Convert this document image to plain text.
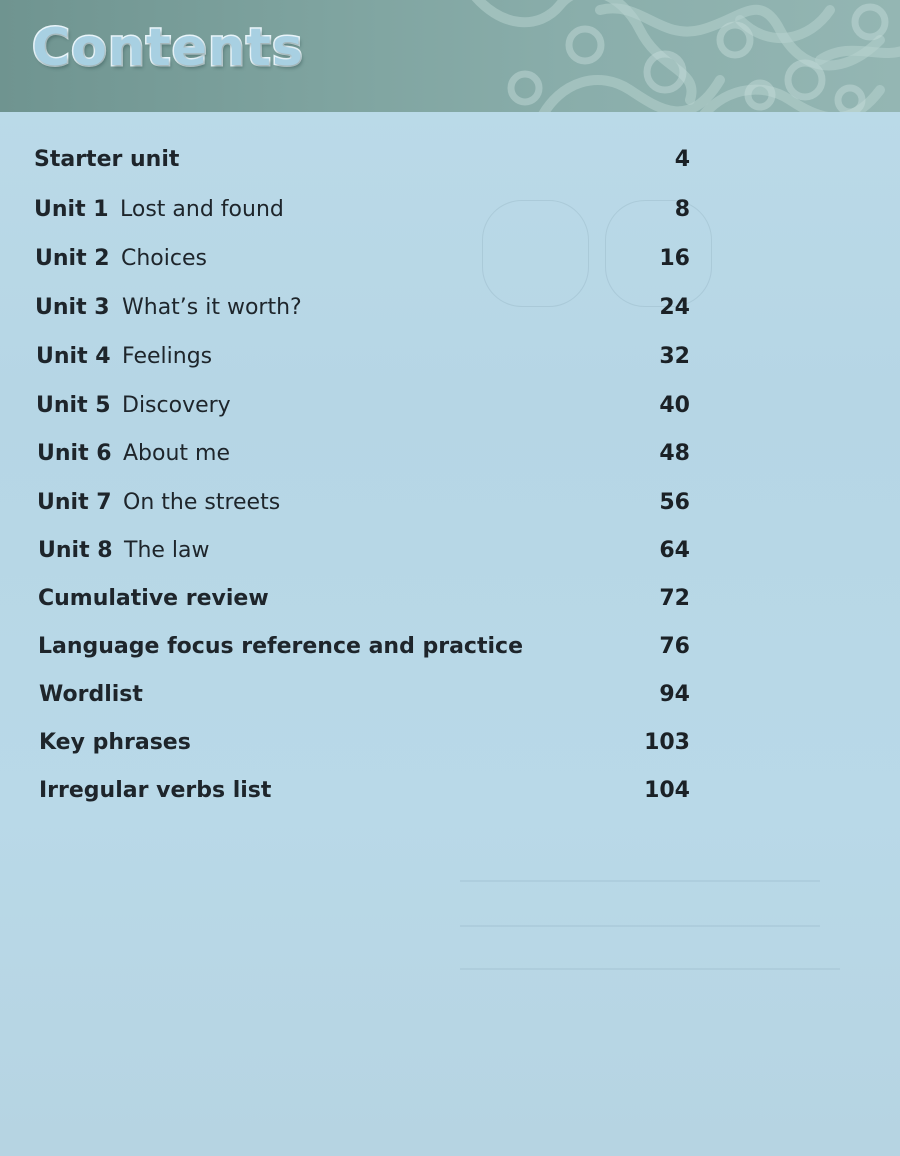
Contents
Starter unit	4
Unit 1 Lost and found	8
Unit 2 Choices	16
Unit 3 What’s it worth?	24
Unit 4 Feelings	32
Unit 5 Discovery	40
Unit 6 About me	48
Unit 7 On the streets	56
Unit 8 The law	64
Cumulative review	72
Language focus reference and practice	76
Wordlist	94
Key phrases	103
Irregular verbs list	104
